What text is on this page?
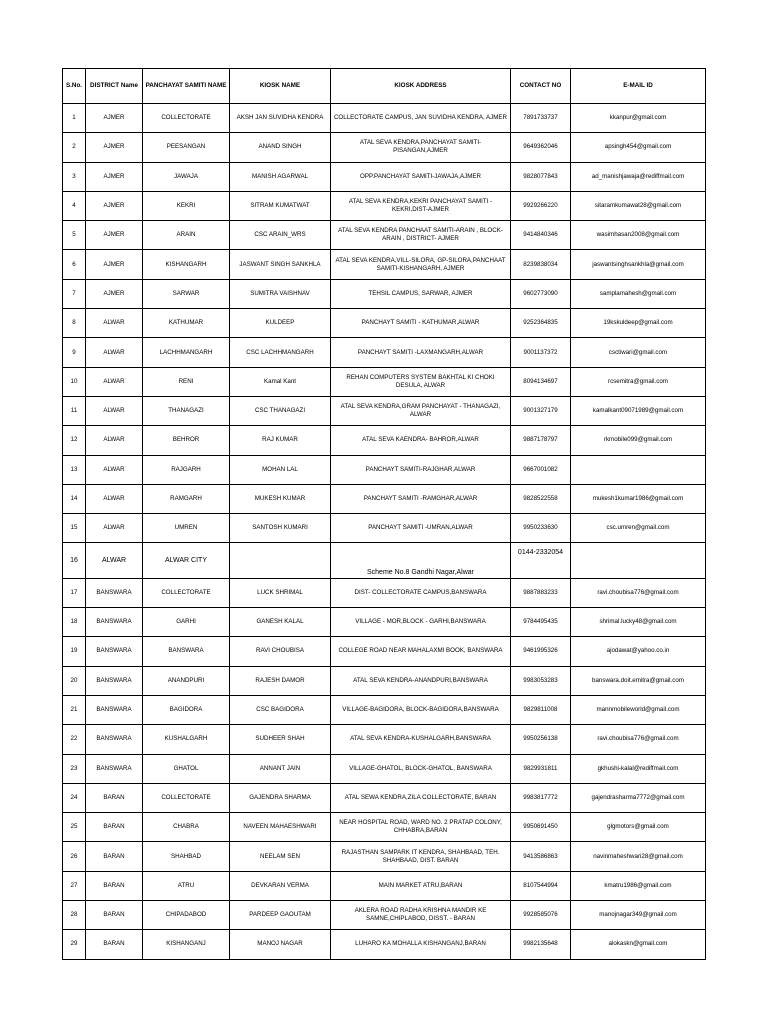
S.No.	DISTRICT Name	PANCHAYAT SAMITI NAME	KIOSK NAME	KIOSK ADDRESS	CONTACT NO	E-MAIL ID
1	AJMER	COLLECTORATE	AKSH JAN SUVIDHA KENDRA	COLLECTORATE CAMPUS, JAN SUVIDHA KENDRA, AJMER	7891733737	kkanpur@gmail.com
2	AJMER	PEESANGAN	ANAND SINGH	ATAL SEVA KENDRA,PANCHAYAT SAMITI-PISANGAN,AJMER	9649362046	apsingh454@gmail.com
3	AJMER	JAWAJA	MANISH AGARWAL	OPP.PANCHAYAT SAMITI-JAWAJA,AJMER	9828077843	ad_manishjawaja@rediffmail.com
4	AJMER	KEKRI	SITRAM KUMATWAT	ATAL SEVA KENDRA,KEKRI PANCHAYAT SAMITI - KEKRI,DIST-AJMER	9929266220	sitaramkumawat28@gmail.com
5	AJMER	ARAIN	CSC ARAIN_WRS	ATAL SEVA KENDRA PANCHAAT SAMITI-ARAIN , BLOCK-ARAIN , DISTRICT- AJMER	9414840346	wasimhasan2008@gmail.com
6	AJMER	KISHANGARH	JASWANT SINGH SANKHLA	ATAL SEVA KENDRA,VILL-SILORA, GP-SILORA,PANCHAAT SAMITI-KISHANGARH, AJMER	8239838034	jaswantsinghsankhla@gmail.com
7	AJMER	SARWAR	SUMITRA VAISHNAV	TEHSIL CAMPUS, SARWAR, AJMER	9602773090	samplamahesh@gmail.com
8	ALWAR	KATHUMAR	KULDEEP	PANCHAYT SAMITI - KATHUMAR,ALWAR	9252364835	19kskuldeep@gmail.com
9	ALWAR	LACHHMANGARH	CSC LACHHMANGARH	PANCHAYT SAMITI -LAXMANGARH,ALWAR	9001137372	csctiwari@gmail.com
10	ALWAR	RENI	Kamal Kant	REHAN COMPUTERS SYSTEM BAKHTAL KI CHOKI DESULA, ALWAR	8094134697	rcsemitra@gmail.com
11	ALWAR	THANAGAZI	CSC THANAGAZI	ATAL SEVA KENDRA,GRAM PANCHAYAT - THANAGAZI, ALWAR	9001327179	kamalkant09071989@gmail.com
12	ALWAR	BEHROR	RAJ KUMAR	ATAL SEVA KAENDRA- BAHROR,ALWAR	9887178797	rkmobile099@gmail.com
13	ALWAR	RAJGARH	MOHAN LAL	PANCHAYT SAMITI-RAJGHAR,ALWAR	9667001082	
14	ALWAR	RAMGARH	MUKESH KUMAR	PANCHAYT SAMITI -RAMGHAR,ALWAR	9828522558	mukesh1kumar1986@gmail.com
15	ALWAR	UMREN	SANTOSH KUMARI	PANCHAYT SAMITI -UMRAN,ALWAR	9950233630	csc.umren@gmail.com
16	ALWAR	ALWAR CITY		Scheme No.8 Gandhi Nagar,Alwar	0144-2332054	
17	BANSWARA	COLLECTORATE	LUCK SHRIMAL	DIST- COLLECTORATE CAMPUS,BANSWARA	9887883233	ravi.choubisa776@gmail.com
18	BANSWARA	GARHI	GANESH KALAL	VILLAGE - MOR,BLOCK - GARHI,BANSWARA	9784495435	shrimal.lucky48@gmail.com
19	BANSWARA	BANSWARA	RAVI CHOUBISA	COLLEGE ROAD NEAR MAHALAXMI BOOK, BANSWARA	9461995326	ajodawat@yahoo.co.in
20	BANSWARA	ANANDPURI	RAJESH DAMOR	ATAL SEVA KENDRA-ANANDPURI,BANSWARA	9983053283	banswara.doit.emitra@gmail.com
21	BANSWARA	BAGIDORA	CSC BAGIDORA	VILLAGE-BAGIDORA, BLOCK-BAGIDORA,BANSWARA	9829811008	mannmobileworld@gmail.com
22	BANSWARA	KUSHALGARH	SUDHEER SHAH	ATAL SEVA KENDRA-KUSHALGARH,BANSWARA	9950256138	ravi.choubisa776@gmail.com
23	BANSWARA	GHATOL	ANNANT JAIN	VILLAGE-GHATOL, BLOCK-GHATOL, BANSWARA	9829931811	gkhushi-kalal@rediffmail.com
24	BARAN	COLLECTORATE	GAJENDRA SHARMA	ATAL SEWA KENDRA,ZILA COLLECTORATE, BARAN	9983817772	gajendrasharma7772@gmail.com
25	BARAN	CHABRA	NAVEEN MAHAESHWARI	NEAR HOSPITAL ROAD, WARD NO. 2 PRATAP COLONY, CHHABRA,BARAN	9950691450	glgmotors@gmail.com
26	BARAN	SHAHBAD	NEELAM SEN	RAJASTHAN SAMPARK IT KENDRA, SHAHBAAD, TEH. SHAHBAAD, DIST. BARAN	9413586863	navinmaheshwari28@gmail.com
27	BARAN	ATRU	DEVKARAN VERMA	MAIN MARKET ATRU,BARAN	8107544994	kmatru1986@gmail.com
28	BARAN	CHIPADABOD	PARDEEP GAOUTAM	AKLERA ROAD RADHA KRISHNA MANDIR KE SAMNE,CHIPLABOD, DISST. - BARAN	9928585076	manojnagar349@gmail.com
29	BARAN	KISHANGANJ	MANOJ NAGAR	LUHARO KA MOHALLA KISHANGANJ,BARAN	9982135648	alokaskn@gmail.com
